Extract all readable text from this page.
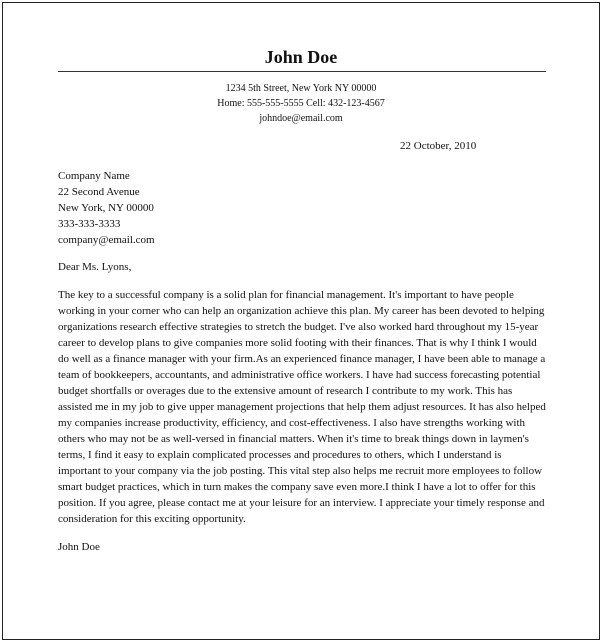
John Doe
1234 5th Street, New York NY 00000
Home: 555-555-5555 Cell: 432-123-4567
johndoe@email.com
22 October, 2010
Company Name
22 Second Avenue
New York, NY 00000
333-333-3333
company@email.com
Dear Ms. Lyons,
The key to a successful company is a solid plan for financial management. It's important to have people
working in your corner who can help an organization achieve this plan. My career has been devoted to helping
organizations research effective strategies to stretch the budget. I've also worked hard throughout my 15-year
career to develop plans to give companies more solid footing with their finances. That is why I think I would
do well as a finance manager with your firm.As an experienced finance manager, I have been able to manage a
team of bookkeepers, accountants, and administrative office workers. I have had success forecasting potential
budget shortfalls or overages due to the extensive amount of research I contribute to my work. This has
assisted me in my job to give upper management projections that help them adjust resources. It has also helped
my companies increase productivity, efficiency, and cost-effectiveness. I also have strengths working with
others who may not be as well-versed in financial matters. When it's time to break things down in laymen's
terms, I find it easy to explain complicated processes and procedures to others, which I understand is
important to your company via the job posting. This vital step also helps me recruit more employees to follow
smart budget practices, which in turn makes the company save even more.I think I have a lot to offer for this
position. If you agree, please contact me at your leisure for an interview. I appreciate your timely response and
consideration for this exciting opportunity.
John Doe
